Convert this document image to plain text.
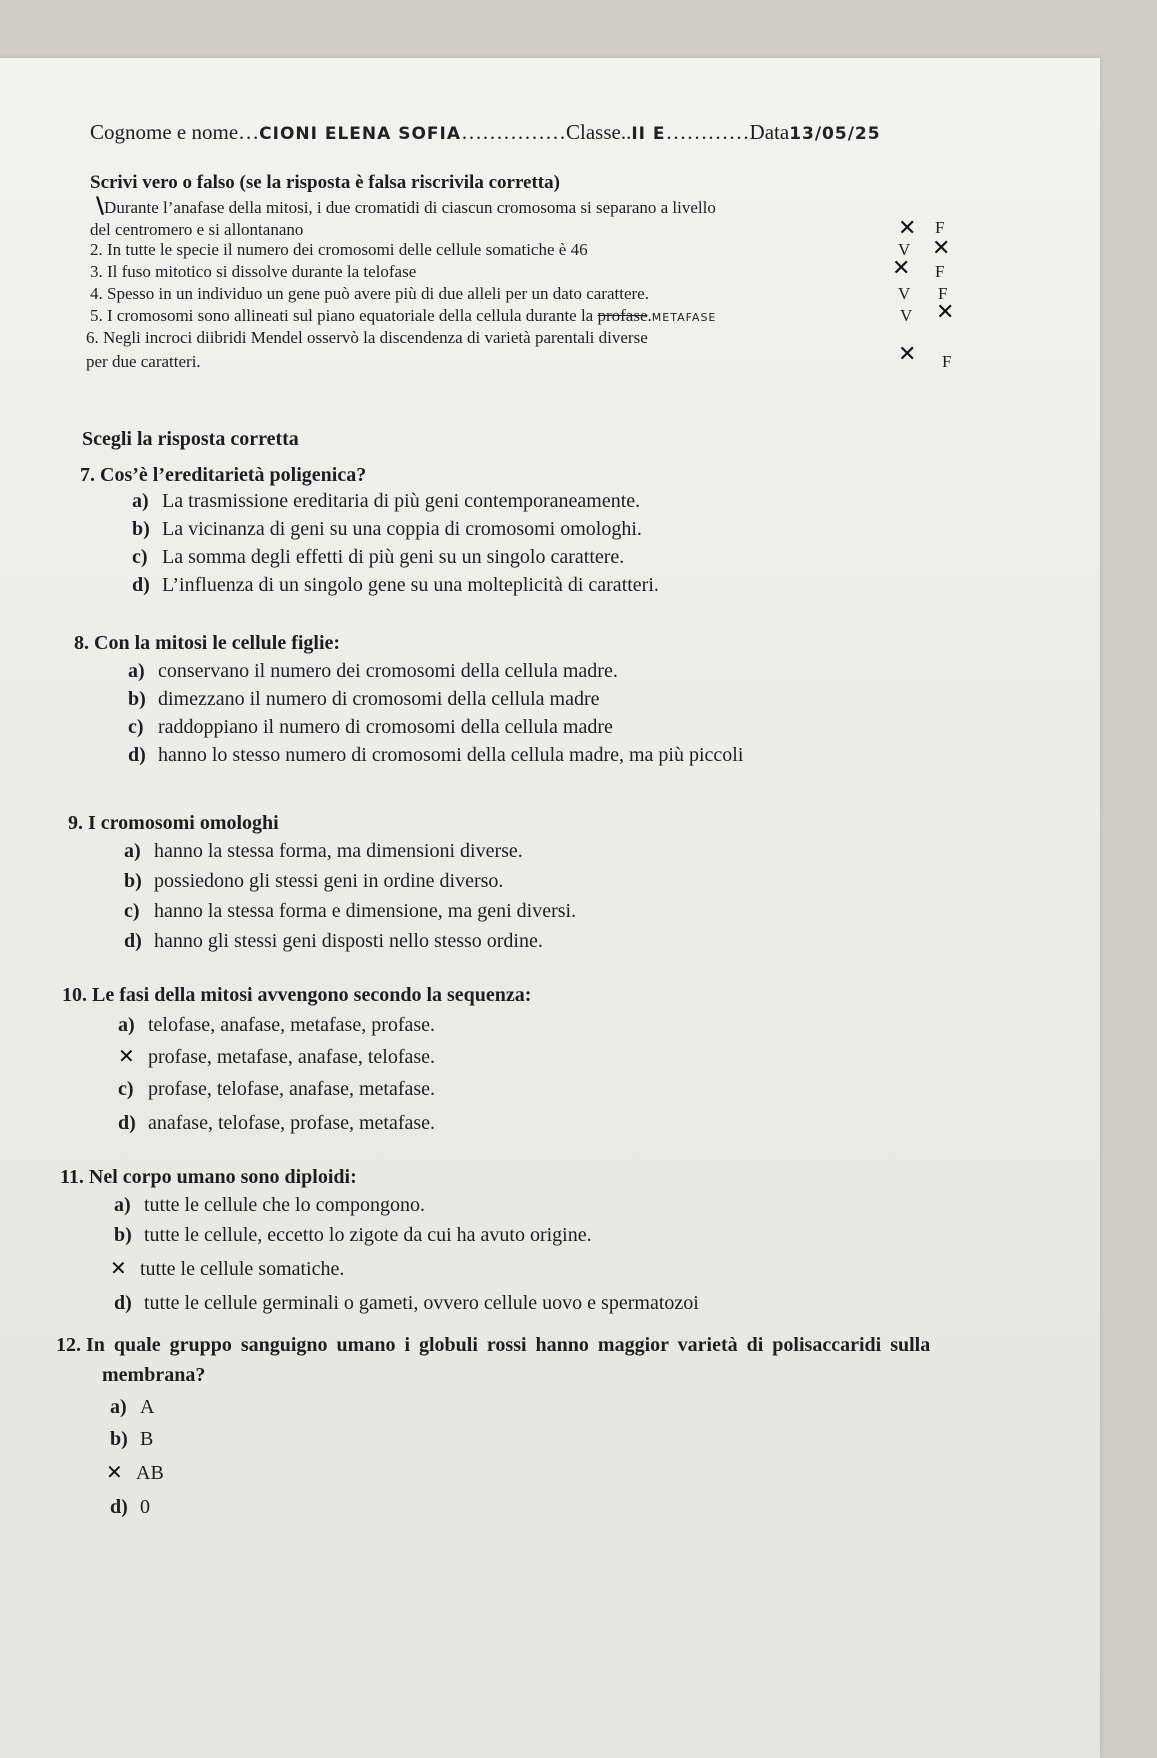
Cognome e nome…CIONI ELENA SOFIA……………Classe..II E…………Data13/05/25
Scrivi vero o falso (se la risposta è falsa riscrivila corretta)
\Durante l’anafase della mitosi, i due cromatidi di ciascun cromosoma si separano a livello
del centromero e si allontanano
2. In tutte le specie il numero dei cromosomi delle cellule somatiche è 46
3. Il fuso mitotico si dissolve durante la telofase
4. Spesso in un individuo un gene può avere più di due alleli per un dato carattere.
5. I cromosomi sono allineati sul piano equatoriale della cellula durante la profase.METAFASE
6. Negli incroci diibridi Mendel osservò la discendenza di varietà parentali diverse
per due caratteri.
✕ F
V ✕
✕ F
V F
V ✕
✕ F
Scegli la risposta corretta
7. Cos’è l’ereditarietà poligenica?
a) La trasmissione ereditaria di più geni contemporaneamente.
b) La vicinanza di geni su una coppia di cromosomi omologhi.
c) La somma degli effetti di più geni su un singolo carattere.
d) L’influenza di un singolo gene su una molteplicità di caratteri.
8. Con la mitosi le cellule figlie:
a) conservano il numero dei cromosomi della cellula madre.
b) dimezzano il numero di cromosomi della cellula madre
c) raddoppiano il numero di cromosomi della cellula madre
d) hanno lo stesso numero di cromosomi della cellula madre, ma più piccoli
9. I cromosomi omologhi
a) hanno la stessa forma, ma dimensioni diverse.
b) possiedono gli stessi geni in ordine diverso.
c) hanno la stessa forma e dimensione, ma geni diversi.
d) hanno gli stessi geni disposti nello stesso ordine.
10. Le fasi della mitosi avvengono secondo la sequenza:
a) telofase, anafase, metafase, profase.
✕ profase, metafase, anafase, telofase.
c) profase, telofase, anafase, metafase.
d) anafase, telofase, profase, metafase.
11. Nel corpo umano sono diploidi:
a) tutte le cellule che lo compongono.
b) tutte le cellule, eccetto lo zigote da cui ha avuto origine.
✕ tutte le cellule somatiche.
d) tutte le cellule germinali o gameti, ovvero cellule uovo e spermatozoi
12. In quale gruppo sanguigno umano i globuli rossi hanno maggior varietà di polisaccaridi sulla
membrana?
a) A
b) B
✕ AB
d) 0
